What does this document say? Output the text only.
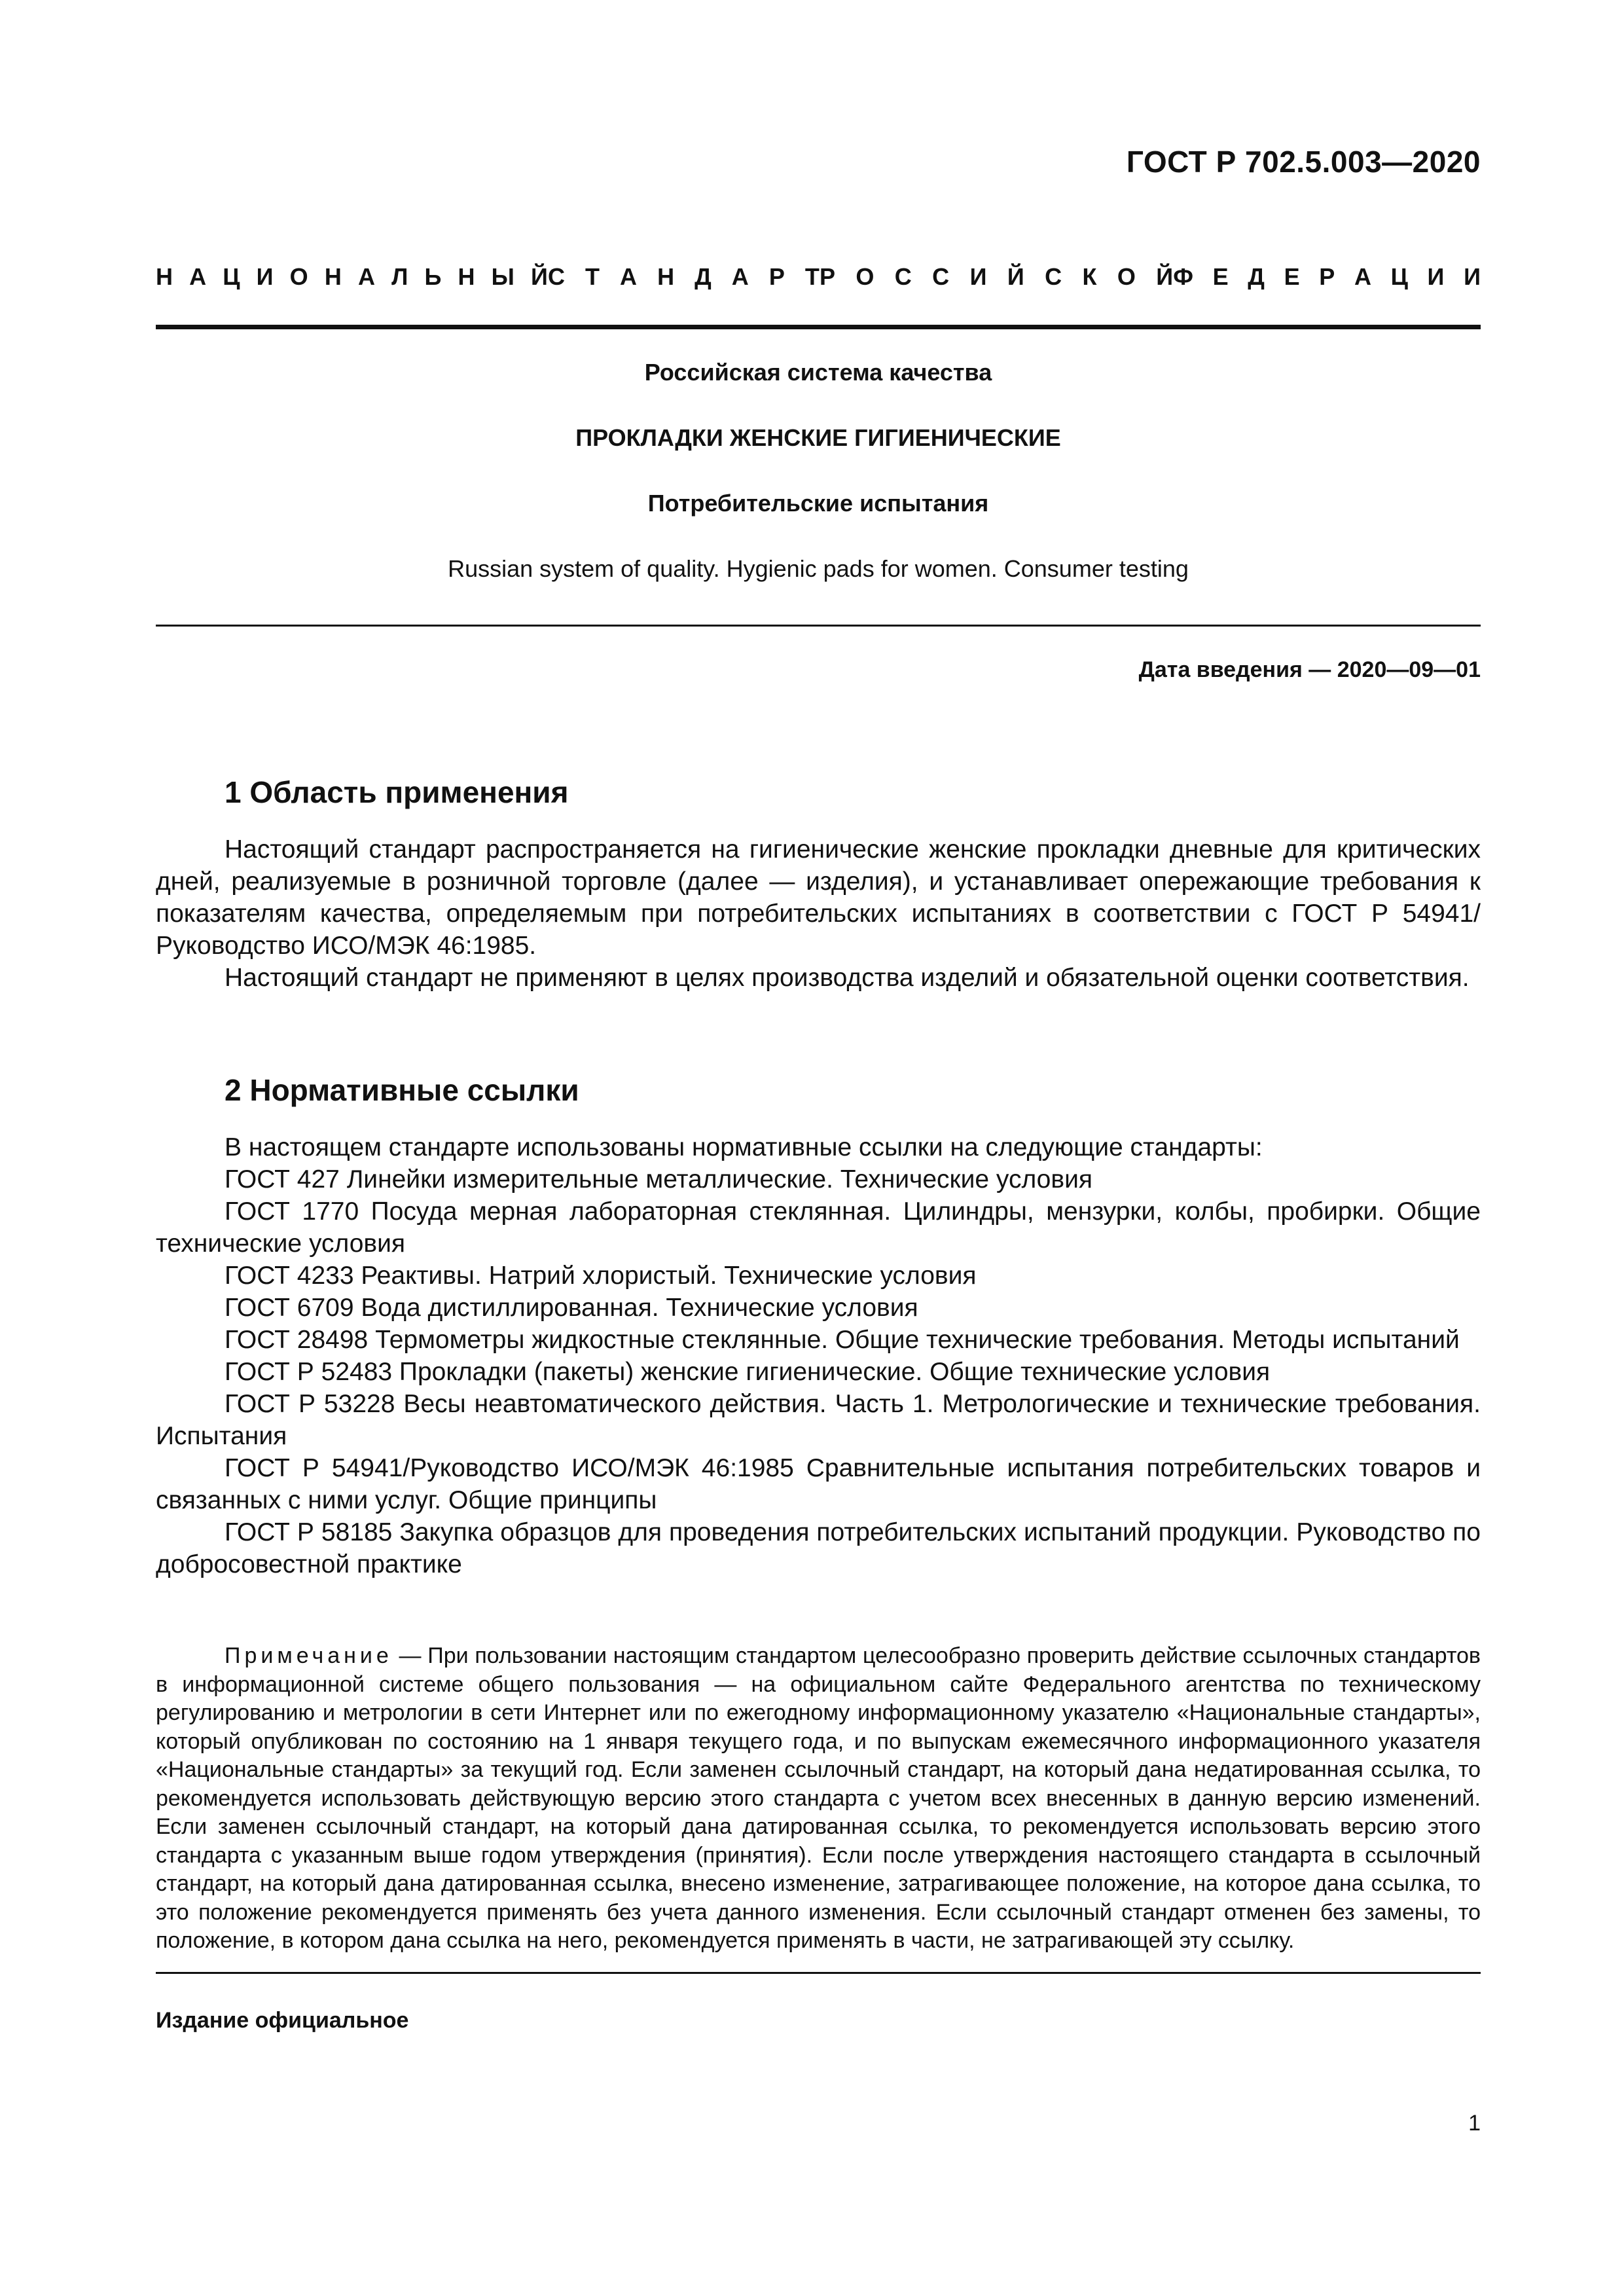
ГОСТ Р 702.5.003—2020
Н А Ц И О Н А Л Ь Н Ы Й С Т А Н Д А Р Т Р О С С И Й С К О Й Ф Е Д Е Р А Ц И И
Российская система качества
ПРОКЛАДКИ ЖЕНСКИЕ ГИГИЕНИЧЕСКИЕ
Потребительские испытания
Russian system of quality. Hygienic pads for women. Consumer testing
Дата введения — 2020—09—01
1 Область применения

Настоящий стандарт распространяется на гигиенические женские прокладки дневные для критических дней, реализуемые в розничной торговле (далее — изделия), и устанавливает опережающие требования к показателям качества, определяемым при потребительских испытаниях в соответствии с ГОСТ Р 54941/Руководство ИСО/МЭК 46:1985.

Настоящий стандарт не применяют в целях производства изделий и обязательной оценки соответствия.

2 Нормативные ссылки

В настоящем стандарте использованы нормативные ссылки на следующие стандарты:

ГОСТ 427 Линейки измерительные металлические. Технические условия

ГОСТ 1770 Посуда мерная лабораторная стеклянная. Цилиндры, мензурки, колбы, пробирки. Общие технические условия

ГОСТ 4233 Реактивы. Натрий хлористый. Технические условия

ГОСТ 6709 Вода дистиллированная. Технические условия

ГОСТ 28498 Термометры жидкостные стеклянные. Общие технические требования. Методы испытаний

ГОСТ Р 52483 Прокладки (пакеты) женские гигиенические. Общие технические условия

ГОСТ Р 53228 Весы неавтоматического действия. Часть 1. Метрологические и технические требования. Испытания

ГОСТ Р 54941/Руководство ИСО/МЭК 46:1985 Сравнительные испытания потребительских товаров и связанных с ними услуг. Общие принципы

ГОСТ Р 58185 Закупка образцов для проведения потребительских испытаний продукции. Руководство по добросовестной практике

Примечание — При пользовании настоящим стандартом целесообразно проверить действие ссылочных стандартов в информационной системе общего пользования — на официальном сайте Федерального агентства по техническому регулированию и метрологии в сети Интернет или по ежегодному информационному указателю «Национальные стандарты», который опубликован по состоянию на 1 января текущего года, и по выпускам ежемесячного информационного указателя «Национальные стандарты» за текущий год. Если заменен ссылочный стандарт, на который дана недатированная ссылка, то рекомендуется использовать действующую версию этого стандарта с учетом всех внесенных в данную версию изменений. Если заменен ссылочный стандарт, на который дана датированная ссылка, то рекомендуется использовать версию этого стандарта с указанным выше годом утверждения (принятия). Если после утверждения настоящего стандарта в ссылочный стандарт, на который дана датированная ссылка, внесено изменение, затрагивающее положение, на которое дана ссылка, то это положение рекомендуется применять без учета данного изменения. Если ссылочный стандарт отменен без замены, то положение, в котором дана ссылка на него, рекомендуется применять в части, не затрагивающей эту ссылку.
Издание официальное
1
